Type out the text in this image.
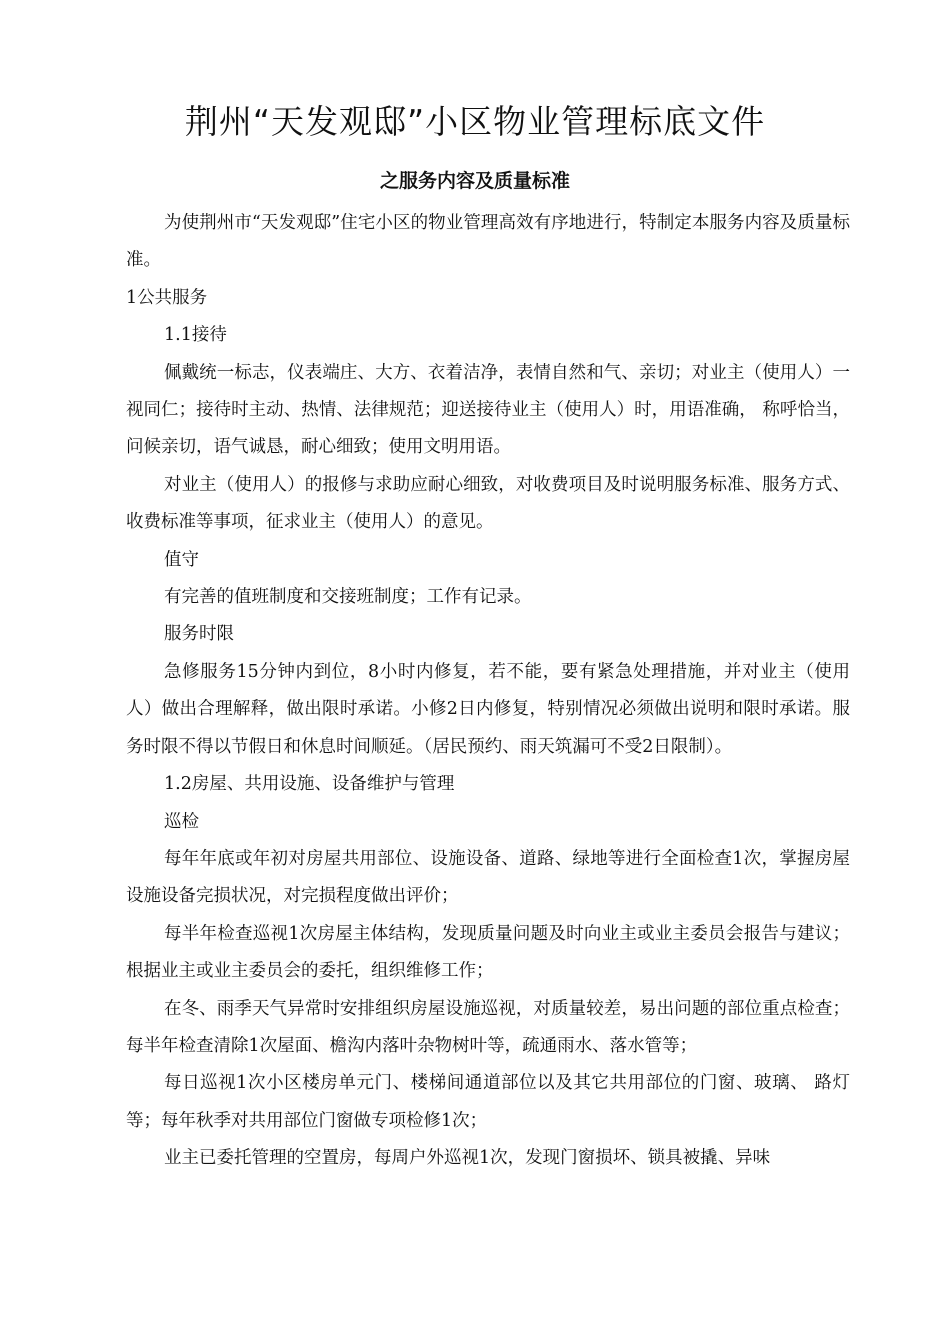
荆州“天发观邸”小区物业管理标底文件
之服务内容及质量标准

为使荆州市“天发观邸”住宅小区的物业管理高效有序地进行，特制定本服务内容及质量标准。

1公共服务

1.1接待

佩戴统一标志，仪表端庄、大方、衣着洁净，表情自然和气、亲切；对业主（使用人）一视同仁；接待时主动、热情、法律规范；迎送接待业主（使用人）时，用语准确， 称呼恰当，问候亲切，语气诚恳，耐心细致；使用文明用语。

对业主（使用人）的报修与求助应耐心细致，对收费项目及时说明服务标准、服务方式、收费标准等事项，征求业主（使用人）的意见。

值守

有完善的值班制度和交接班制度；工作有记录。

服务时限

急修服务15分钟内到位，8小时内修复，若不能，要有紧急处理措施，并对业主（使用人）做出合理解释，做出限时承诺。小修2日内修复，特别情况必须做出说明和限时承诺。服务时限不得以节假日和休息时间顺延。（居民预约、雨天筑漏可不受2日限制）。

1.2房屋、共用设施、设备维护与管理

巡检

每年年底或年初对房屋共用部位、设施设备、道路、绿地等进行全面检查1次，掌握房屋设施设备完损状况，对完损程度做出评价；

每半年检查巡视1次房屋主体结构，发现质量问题及时向业主或业主委员会报告与建议；根据业主或业主委员会的委托，组织维修工作；

在冬、雨季天气异常时安排组织房屋设施巡视，对质量较差，易出问题的部位重点检查；每半年检查清除1次屋面、檐沟内落叶杂物树叶等，疏通雨水、落水管等；

每日巡视1次小区楼房单元门、楼梯间通道部位以及其它共用部位的门窗、玻璃、 路灯等；每年秋季对共用部位门窗做专项检修1次；

业主已委托管理的空置房，每周户外巡视1次，发现门窗损坏、锁具被撬、异味
